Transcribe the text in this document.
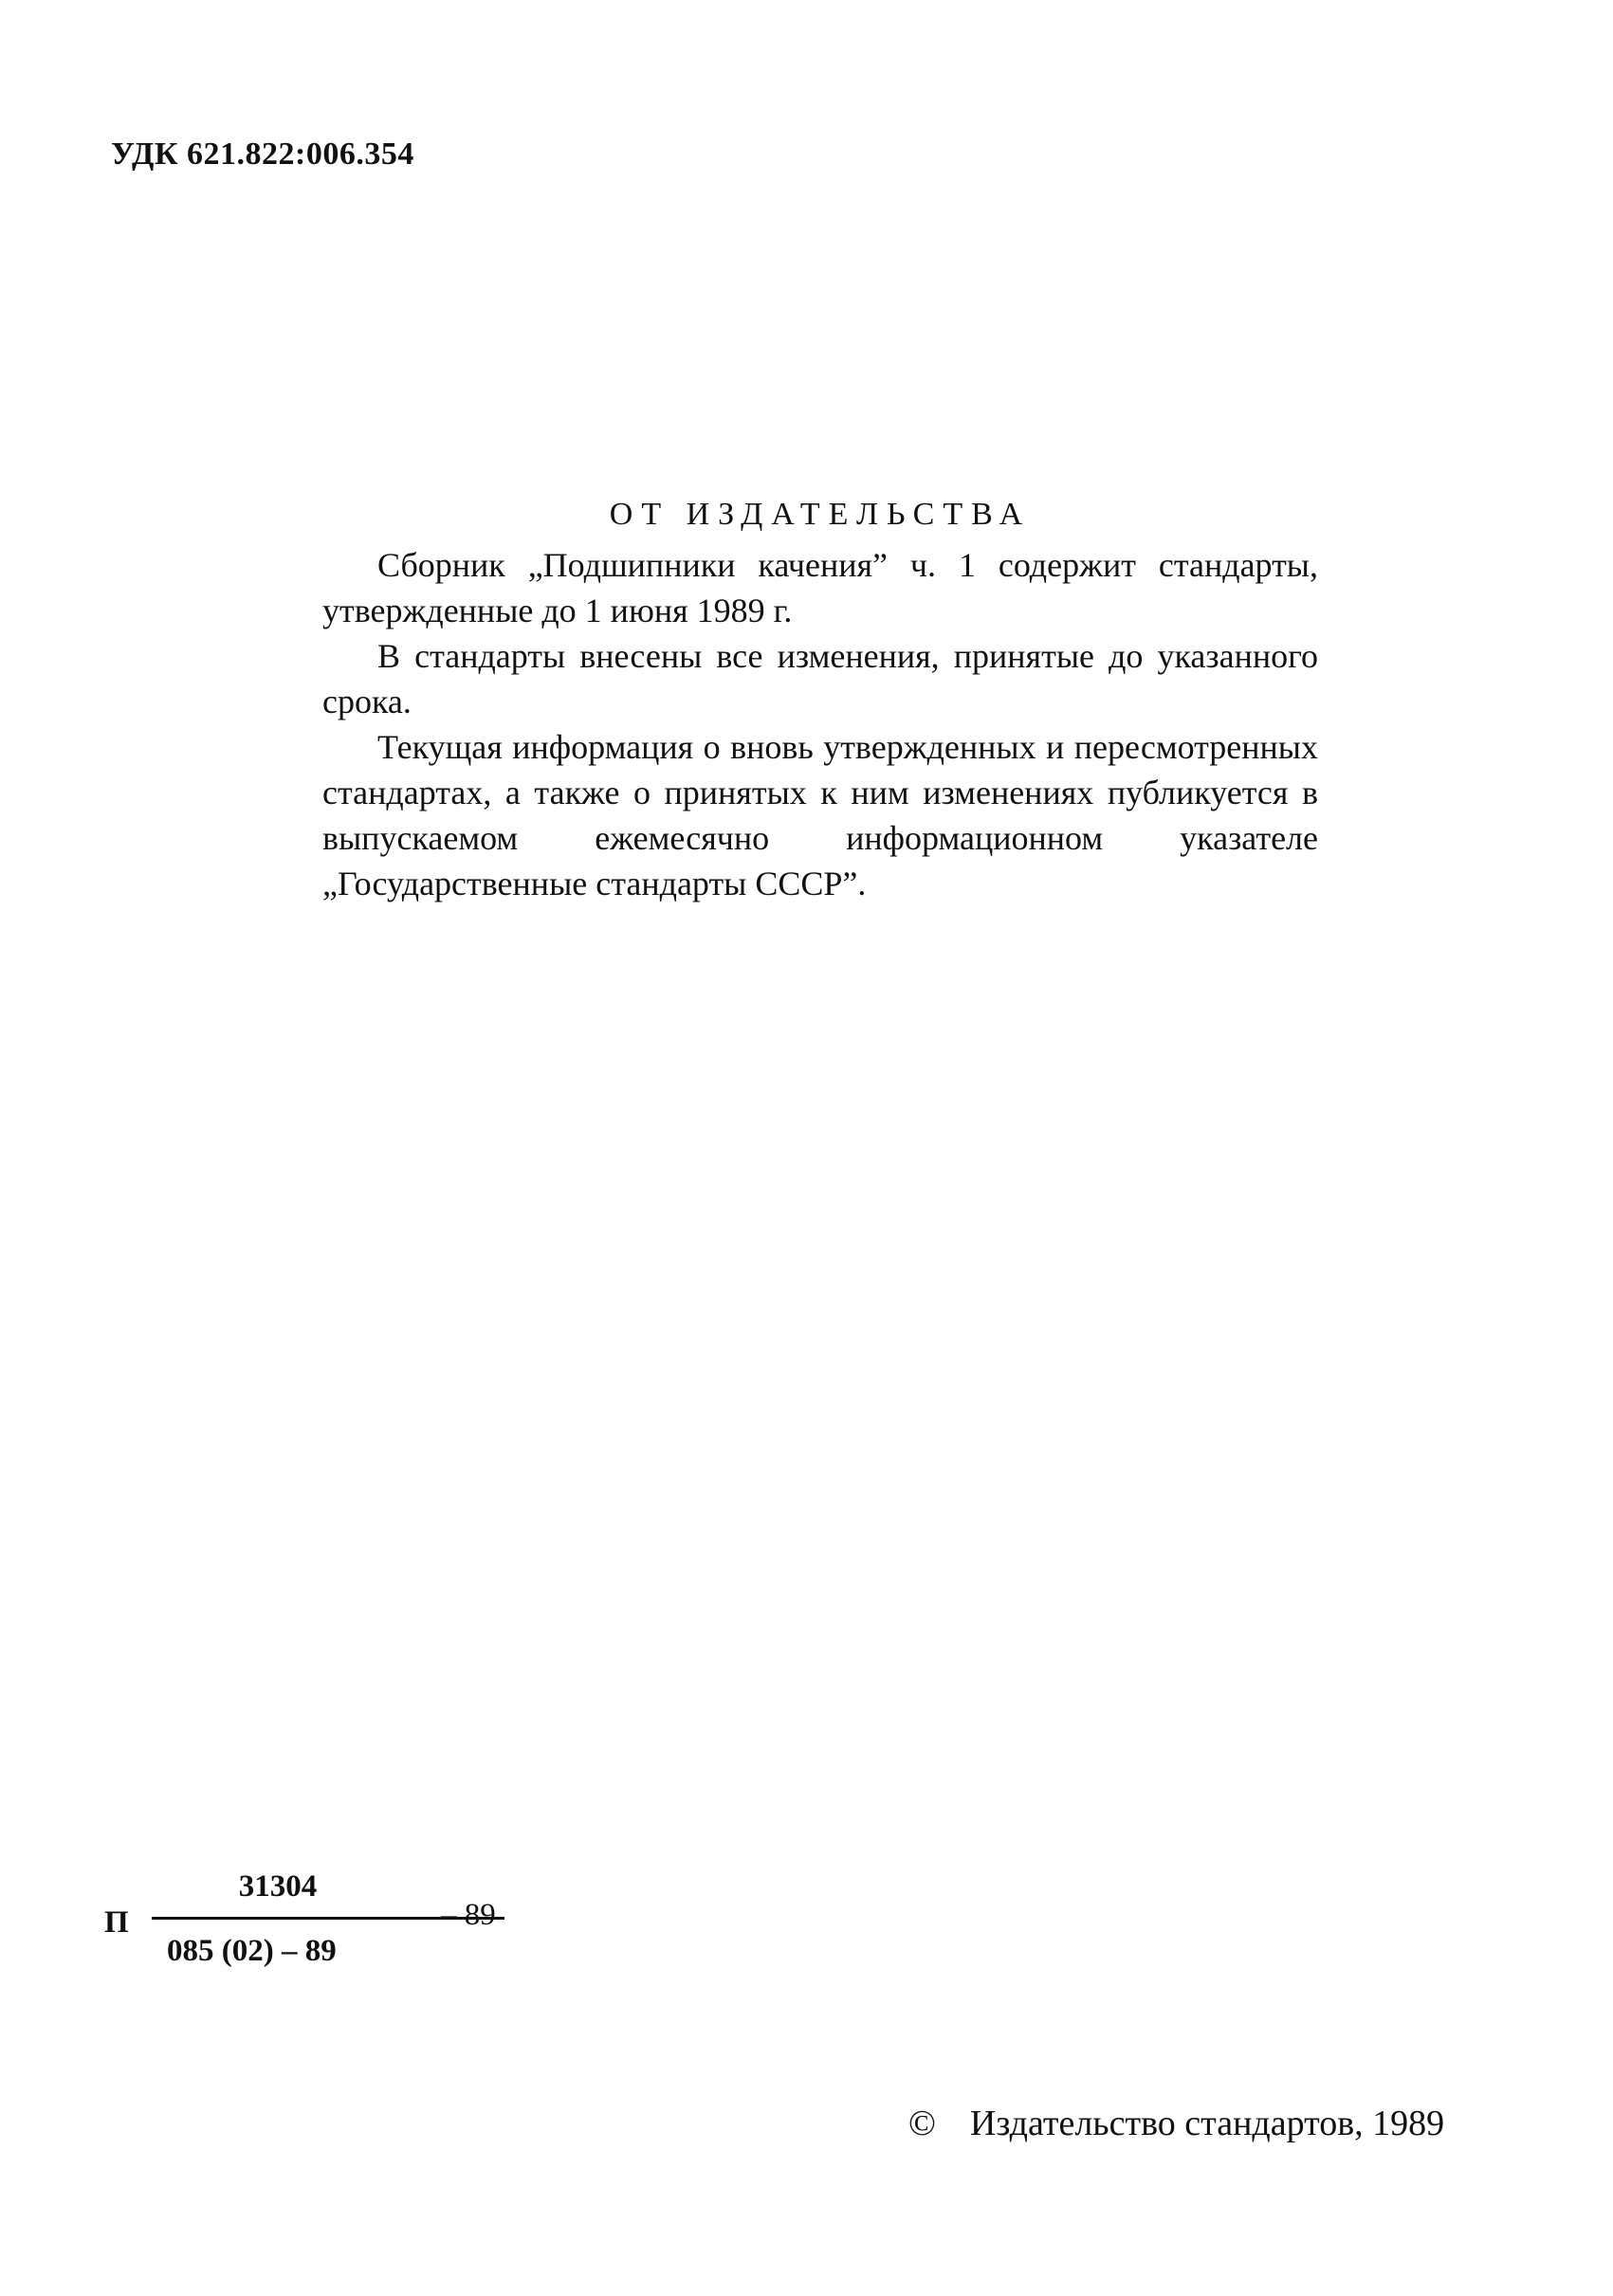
УДК 621.822:006.354
ОТ ИЗДАТЕЛЬСТВА

Сборник „Подшипники качения” ч. 1 содержит стандарты, утвержденные до 1 июня 1989 г.

В стандарты внесены все изменения, принятые до указанного срока.

Текущая информация о вновь утвержденных и пересмотренных стандартах, а также о принятых к ним изменениях публикуется в выпускаемом ежемесячно информационном указателе „Государственные стандарты СССР”.

П
31304
085 (02) – 89
– 89
© Издательство стандартов, 1989
